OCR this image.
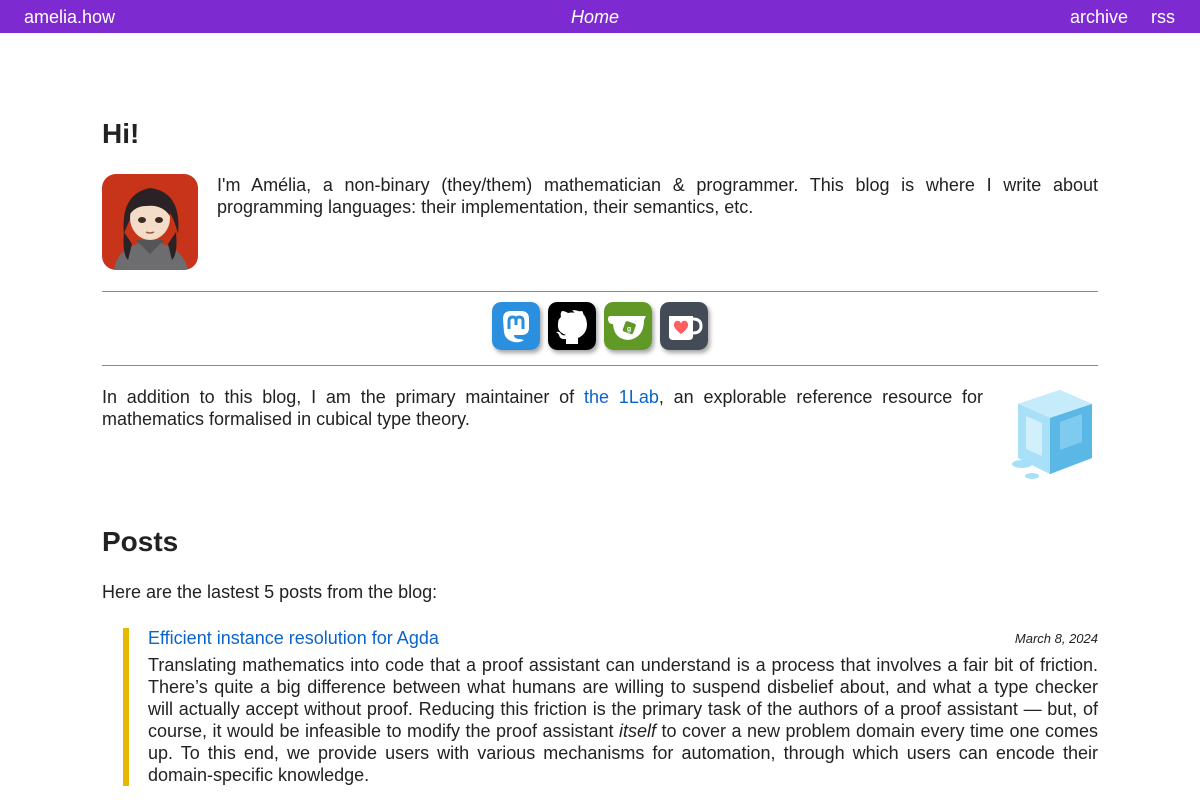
amelia.how	Home	archive rss
Hi!

I'm Amélia, a non-binary (they/them) mathematician & programmer. This blog is where I write about programming languages: their implementation, their semantics, etc.

g

In addition to this blog, I am the primary maintainer of the 1Lab, an explorable reference resource for mathematics formalised in cubical type theory.

Posts

Here are the lastest 5 posts from the blog:

Efficient instance resolution for Agda	March 8, 2024

Translating mathematics into code that a proof assistant can understand is a process that involves a fair bit of friction. There’s quite a big difference between what humans are willing to suspend disbelief about, and what a type checker will actually accept without proof. Reducing this friction is the primary task of the authors of a proof assistant — but, of course, it would be infeasible to modify the proof assistant itself to cover a new problem domain every time one comes up. To this end, we provide users with various mechanisms for automation, through which users can encode their domain-specific knowledge.
